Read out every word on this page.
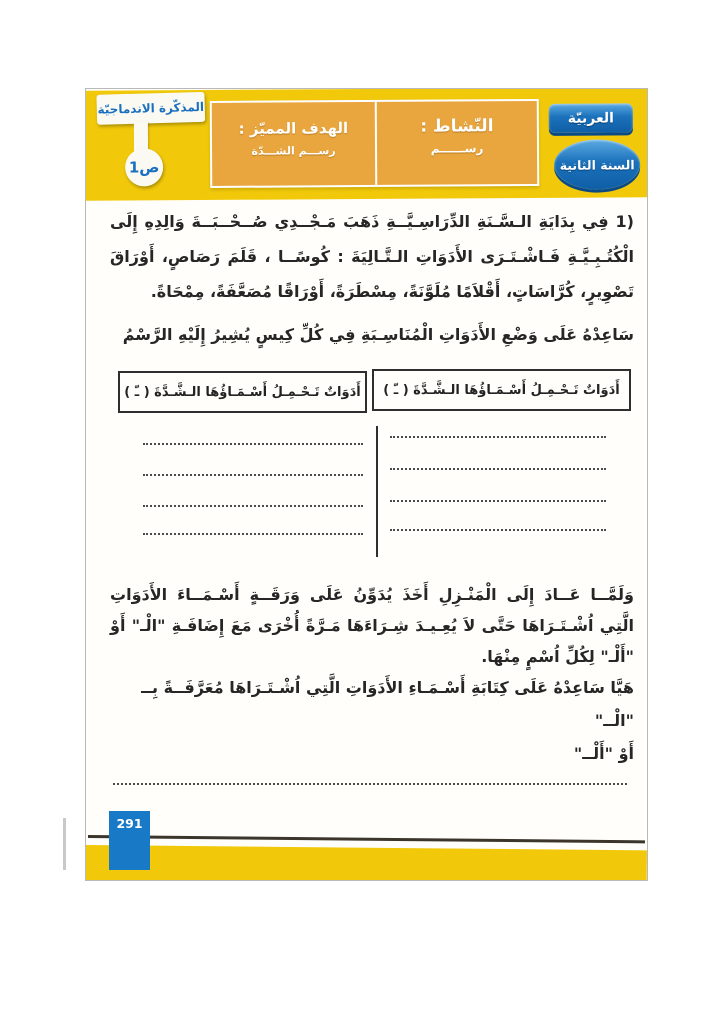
المذكّرة الاندماجيّة
ص1
الهدف المميّز :
رســـم الشـــدّة
النّشاط :
رســــــم
العربيّة
السنة الثانية
1) فِي بِدَايَةِ الـسَّـنَةِ الدِّرَاسِـيَّــةِ ذَهَبَ مَـجْــدِي صُــحْــبَــةَ وَالِدِهِ إِلَى الْكُتُـبِـيَّـةِ فَـاشْـتَـرَى الأَدَوَاتِ الـتَّـالِيَةَ : كُوسًــا ، قَلَمَ رَصَاصٍ، أَوْرَاقَ تَصْوِيرٍ، كُرَّاسَاتٍ، أَقْلاَمًا مُلَوَّنَةً، مِسْطَرَةً، أَوْرَاقًا مُصَعَّفَةً، مِمْحَاةً.
سَاعِدْهُ عَلَى وَضْعِ الأَدَوَاتِ الْمُنَاسِـبَةِ فِي كُلِّ كِيسٍ يُشِيرُ إِلَيْهِ الرَّسْمُ
أَدَوَاتٌ تَـحْـمِـلُ أَسْـمَـاؤُهَا الـشَّـدَّةَ ( ـّ )
أَدَوَاتٌ تَـحْـمِـلُ أَسْـمَـاؤُهَا الـشَّـدَّةَ ( ـّ )
وَلَمَّــا عَــادَ إِلَى الْمَنْـزِلِ أَخَذَ يُدَوِّنُ عَلَى وَرَقَــةٍ أَسْـمَــاءَ الأَدَوَاتِ الَّتِي اُشْـتَـرَاهَا حَتَّى لاَ يُعِـيـدَ شِـرَاءَهَا مَـرَّةً أُخْرَى مَعَ إِضَافَـةِ "الْـ" أَوْ "أَلْـ" لِكُلِّ اُسْمٍ مِنْهَا.
هَيَّا سَاعِدْهُ عَلَى كِتَابَةِ أَسْـمَـاءِ الأَدَوَاتِ الَّتِي اُشْـتَـرَاهَا مُعَرَّفَــةً بِــ "الْــ"
أَوْ "أَلْــ"
291
